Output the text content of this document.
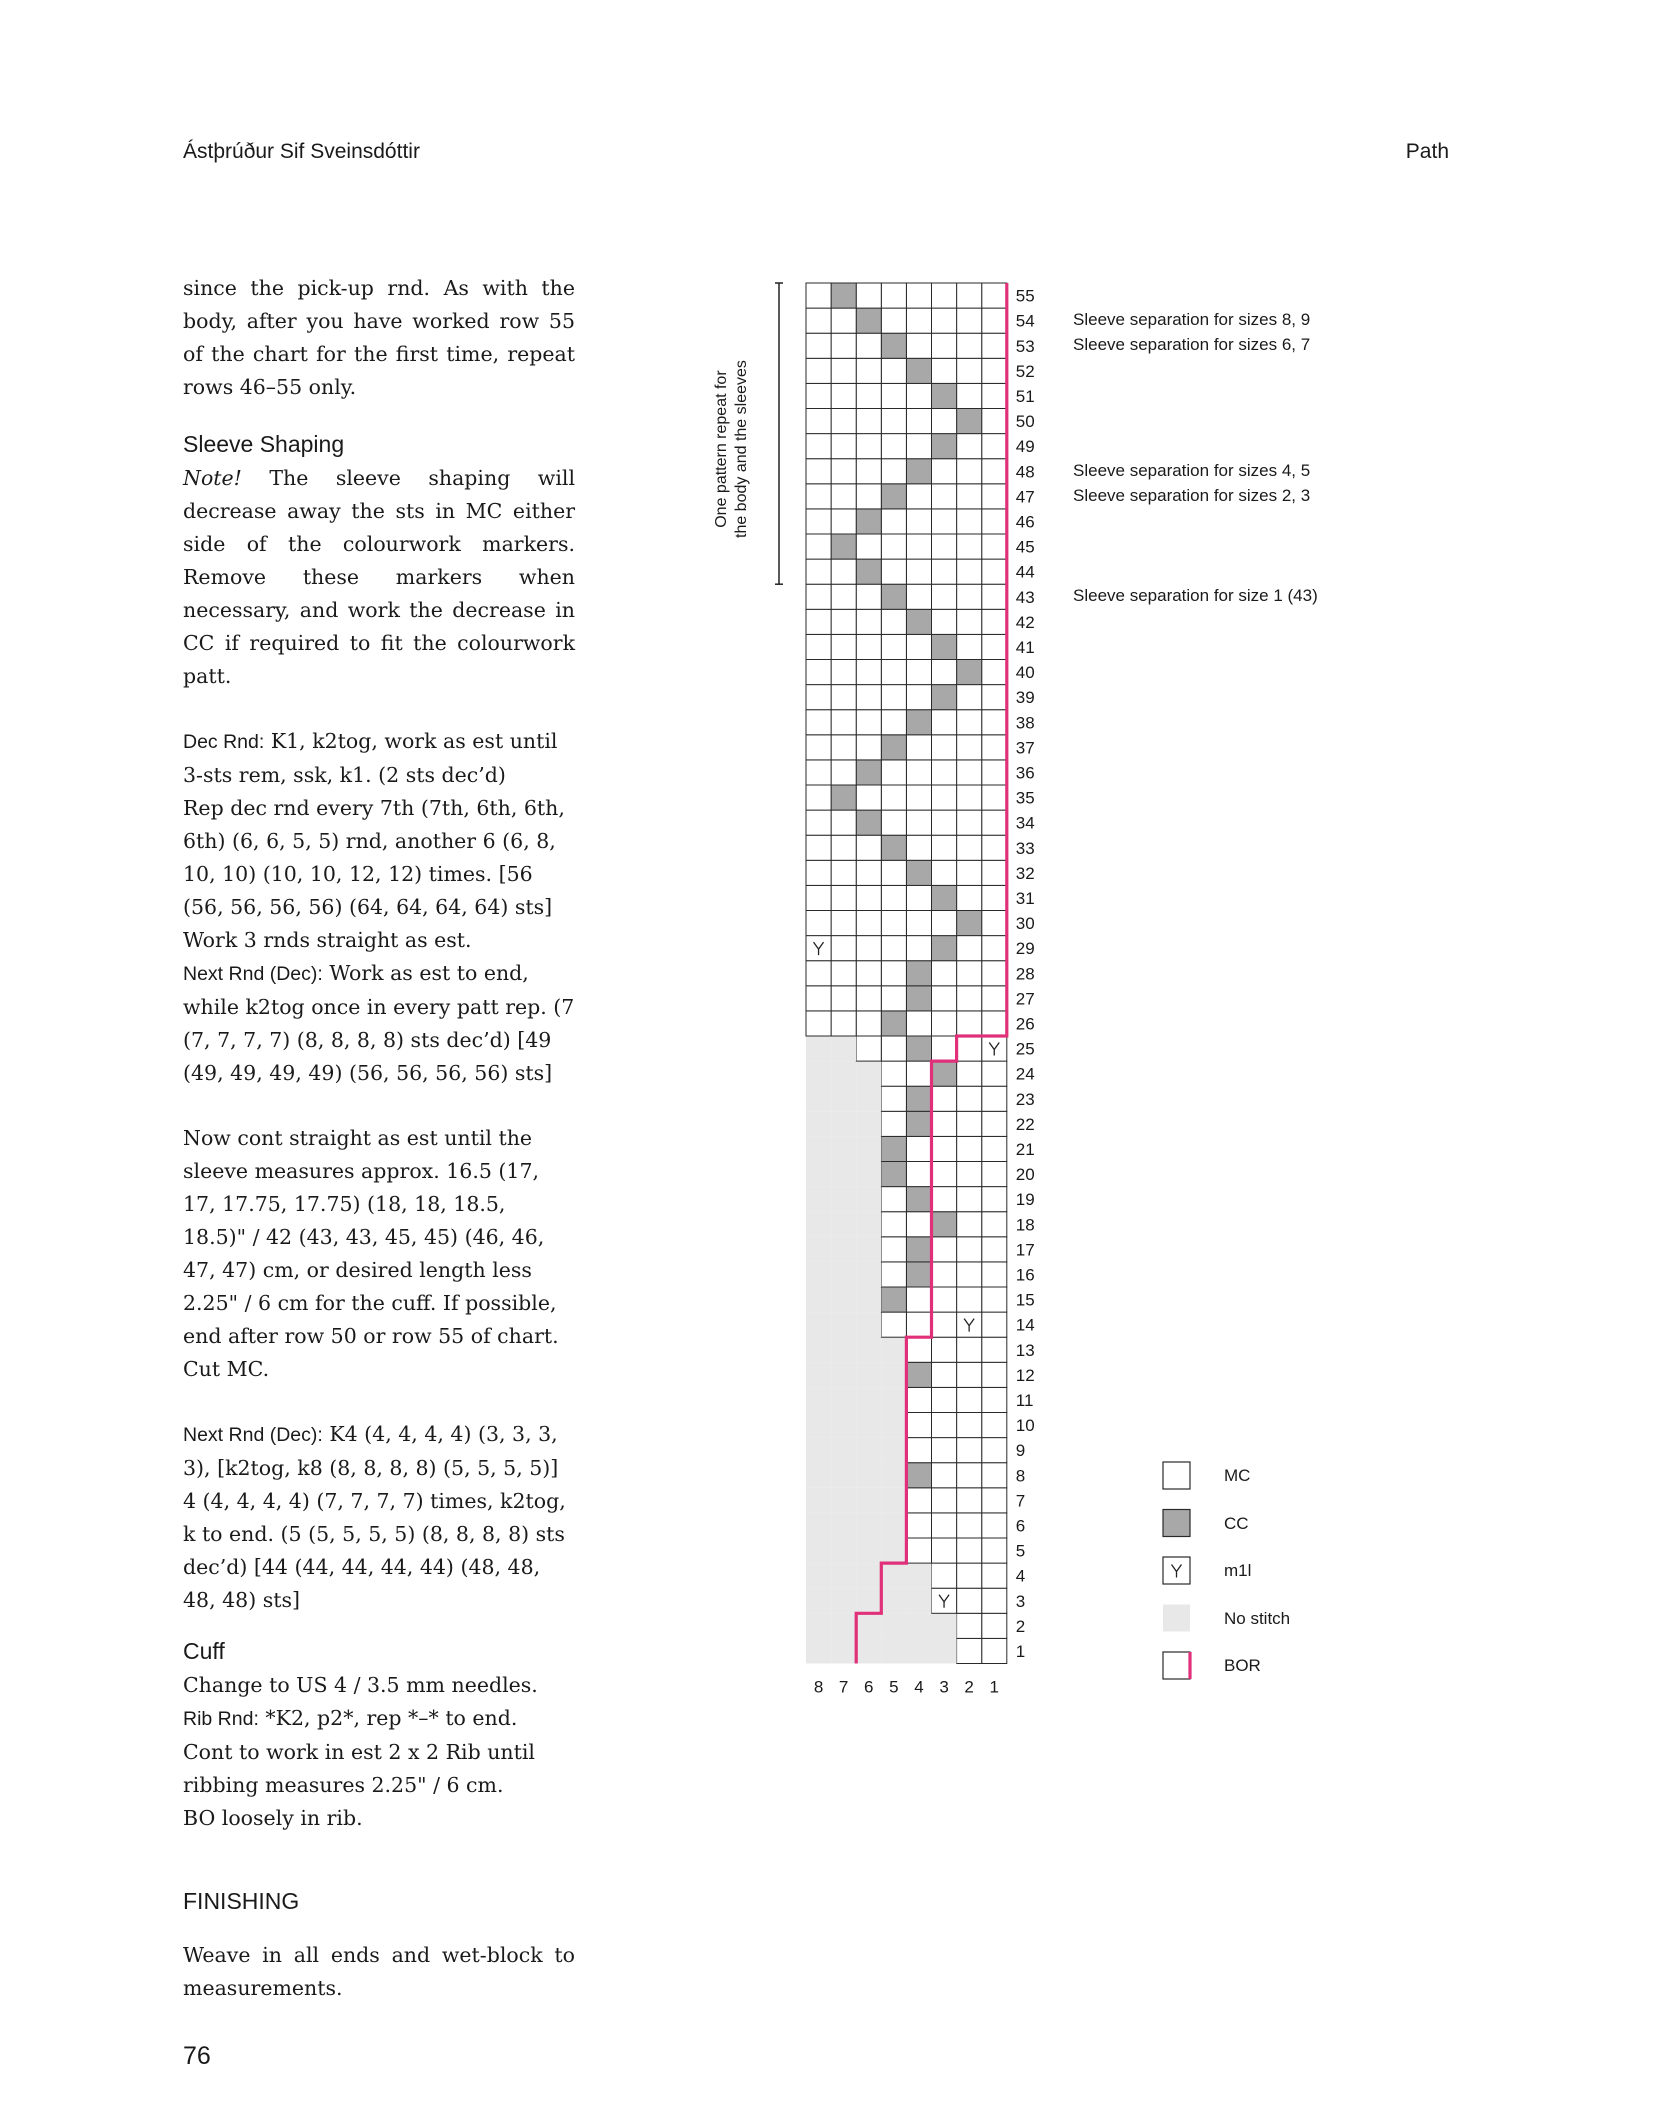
Ástþrúður Sif Sveinsdóttir	Path

since the pick-up rnd. As with the body, after you have worked row 55 of the chart for the first time, repeat rows 46–55 only.

Sleeve Shaping

Note! The sleeve shaping will decrease away the sts in MC either side of the colourwork markers. Remove these markers when necessary, and work the decrease in CC if required to fit the colourwork patt.

Dec Rnd: K1, k2tog, work as est until 3-sts rem, ssk, k1. (2 sts dec’d)

Rep dec rnd every 7th (7th, 6th, 6th, 6th) (6, 6, 5, 5) rnd, another 6 (6, 8, 10, 10) (10, 10, 12, 12) times. [56 (56, 56, 56, 56) (64, 64, 64, 64) sts]

Work 3 rnds straight as est.

Next Rnd (Dec): Work as est to end, while k2tog once in every patt rep. (7 (7, 7, 7, 7) (8, 8, 8, 8) sts dec’d) [49 (49, 49, 49, 49) (56, 56, 56, 56) sts]

Now cont straight as est until the sleeve measures approx. 16.5 (17, 17, 17.75, 17.75) (18, 18, 18.5, 18.5)" / 42 (43, 43, 45, 45) (46, 46, 47, 47) cm, or desired length less 2.25" / 6 cm for the cuff. If possible, end after row 50 or row 55 of chart.

Cut MC.

Next Rnd (Dec): K4 (4, 4, 4, 4) (3, 3, 3, 3), [k2tog, k8 (8, 8, 8, 8) (5, 5, 5, 5)] 4 (4, 4, 4, 4) (7, 7, 7, 7) times, k2tog, k to end. (5 (5, 5, 5, 5) (8, 8, 8, 8) sts dec’d) [44 (44, 44, 44, 44) (48, 48, 48, 48) sts]

Cuff

Change to US 4 / 3.5 mm needles.

Rib Rnd: *K2, p2*, rep *–* to end.

Cont to work in est 2 x 2 Rib until ribbing measures 2.25" / 6 cm.

BO loosely in rib.

FINISHING

Weave in all ends and wet-block to measurements.

76
One pattern repeat for the body and the sleeves
1
2
3
4
5
6
7
8
9
10
11
12
13
14
15
16
17
18
19
20
21
22
23
24
25
26
27
28
29
30
31
32
33
34
35
36
37
38
39
40
41
42
43
44
45
46
47
48
49
50
51
52
53
54
55
8 7 6 5 4 3 2 1
Sleeve separation for sizes 8, 9
Sleeve separation for sizes 6, 7
Sleeve separation for sizes 4, 5
Sleeve separation for sizes 2, 3
Sleeve separation for size 1 (43)
MC
CC
m1l
No stitch
BOR
